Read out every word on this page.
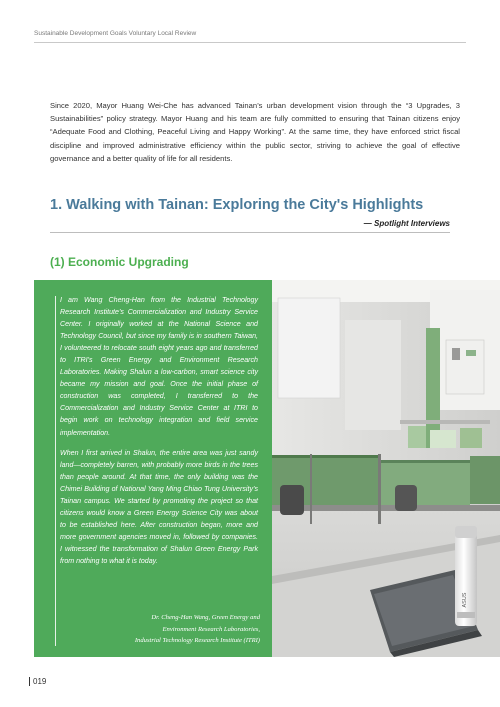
Sustainable Development Goals Voluntary Local Review

Since 2020, Mayor Huang Wei-Che has advanced Tainan’s urban development vision through the “3 Upgrades, 3 Sustainabilities” policy strategy. Mayor Huang and his team are fully committed to ensuring that Tainan citizens enjoy “Adequate Food and Clothing, Peaceful Living and Happy Working”. At the same time, they have enforced strict fiscal discipline and improved administrative efficiency within the public sector, striving to achieve the goal of effective governance and a better quality of life for all residents.

1. Walking with Tainan: Exploring the City's Highlights
— Spotlight Interviews
(1) Economic Upgrading
ASUS

I am Wang Cheng-Han from the Industrial Technology Research Institute’s Commercialization and Industry Service Center. I originally worked at the National Science and Technology Council, but since my family is in southern Taiwan, I volunteered to relocate south eight years ago and transferred to ITRI’s Green Energy and Environment Research Laboratories. Making Shalun a low-carbon, smart science city became my mission and goal. Once the initial phase of construction was completed, I transferred to the Commercialization and Industry Service Center at ITRI to begin work on technology integration and field service implementation.

When I first arrived in Shalun, the entire area was just sandy land—completely barren, with probably more birds in the trees than people around. At that time, the only building was the Chimei Building of National Yang Ming Chiao Tung University’s Tainan campus. We started by promoting the project so that citizens would know a Green Energy Science City was about to be established here. After construction began, more and more government agencies moved in, followed by companies. I witnessed the transformation of Shalun Green Energy Park from nothing to what it is today.

Dr. Cheng-Han Wang, Green Energy and
Environment Research Laboratories,
Industrial Technology Research Institute (ITRI)
019
